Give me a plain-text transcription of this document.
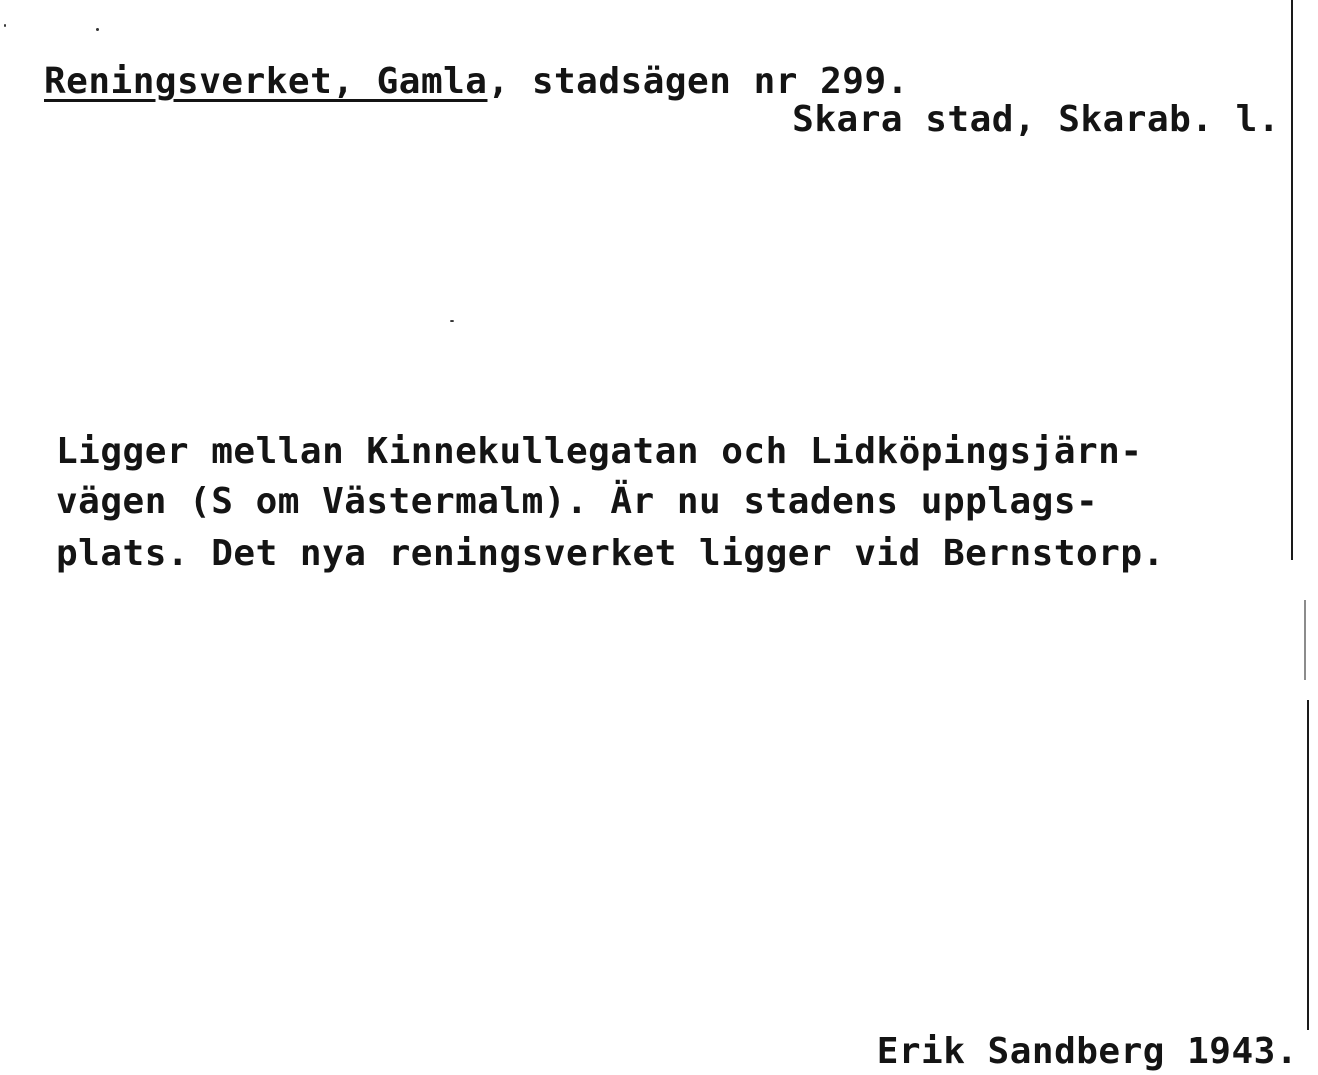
Reningsverket, Gamla, stadsägen nr 299.
Skara stad, Skarab. l.
Ligger mellan Kinnekullegatan och Lidköpingsjärn-
vägen (S om Västermalm). Är nu stadens upplags-
plats. Det nya reningsverket ligger vid Bernstorp.
Erik Sandberg 1943.
